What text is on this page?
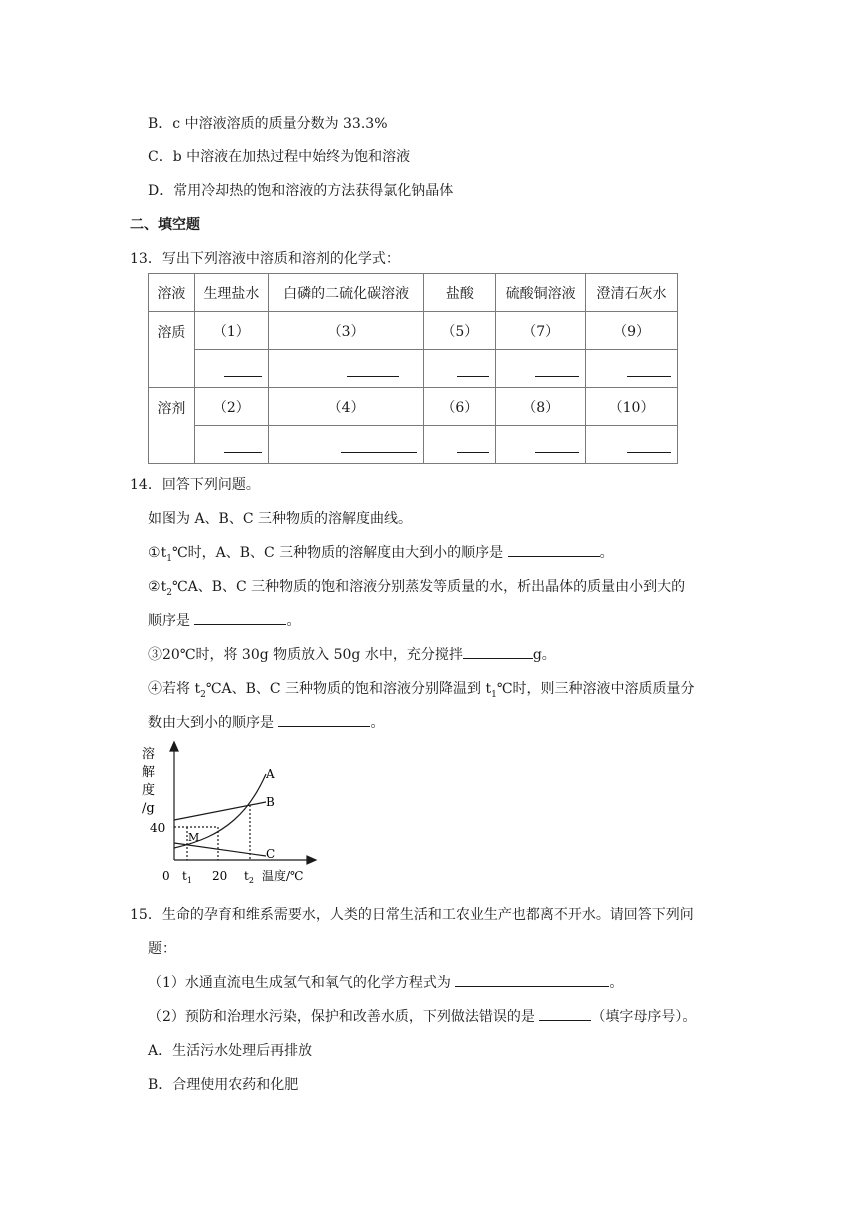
B．c 中溶液溶质的质量分数为 33.3%
C．b 中溶液在加热过程中始终为饱和溶液
D．常用冷却热的饱和溶液的方法获得氯化钠晶体
二、填空题
13．写出下列溶液中溶质和溶剂的化学式：
溶液	生理盐水	白磷的二硫化碳溶液	盐酸	硫酸铜溶液	澄清石灰水
溶质	（1）	（3）	（5）	（7）	（9）

溶剂	（2）	（4）	（6）	（8）	（10）

14．回答下列问题。
如图为 A、B、C 三种物质的溶解度曲线。
$①t_1℃$时，A、B、C 三种物质的溶解度由大到小的顺序是	。
$②t_2℃A$、B、C 三种物质的饱和溶液分别蒸发等质量的水，析出晶体的质量由小到大的
顺序是	。
③20℃时，将 30g 物质放入 50g 水中，充分搅拌	g。
④若将 $t_2℃A$、B、C 三种物质的饱和溶液分别降温到 $t_1℃$时，则三种溶液中溶质质量分
数由大到小的顺序是	。
溶
解
度
/g
40
0 $t_1$ 20 $t_2$ 温度/℃
A
B
C
M
15．生命的孕育和维系需要水，人类的日常生活和工农业生产也都离不开水。请回答下列问
题：
（1）水通直流电生成氢气和氧气的化学方程式为	。
（2）预防和治理水污染，保护和改善水质，下列做法错误的是	（填字母序号）。
A．生活污水处理后再排放
B．合理使用农药和化肥
